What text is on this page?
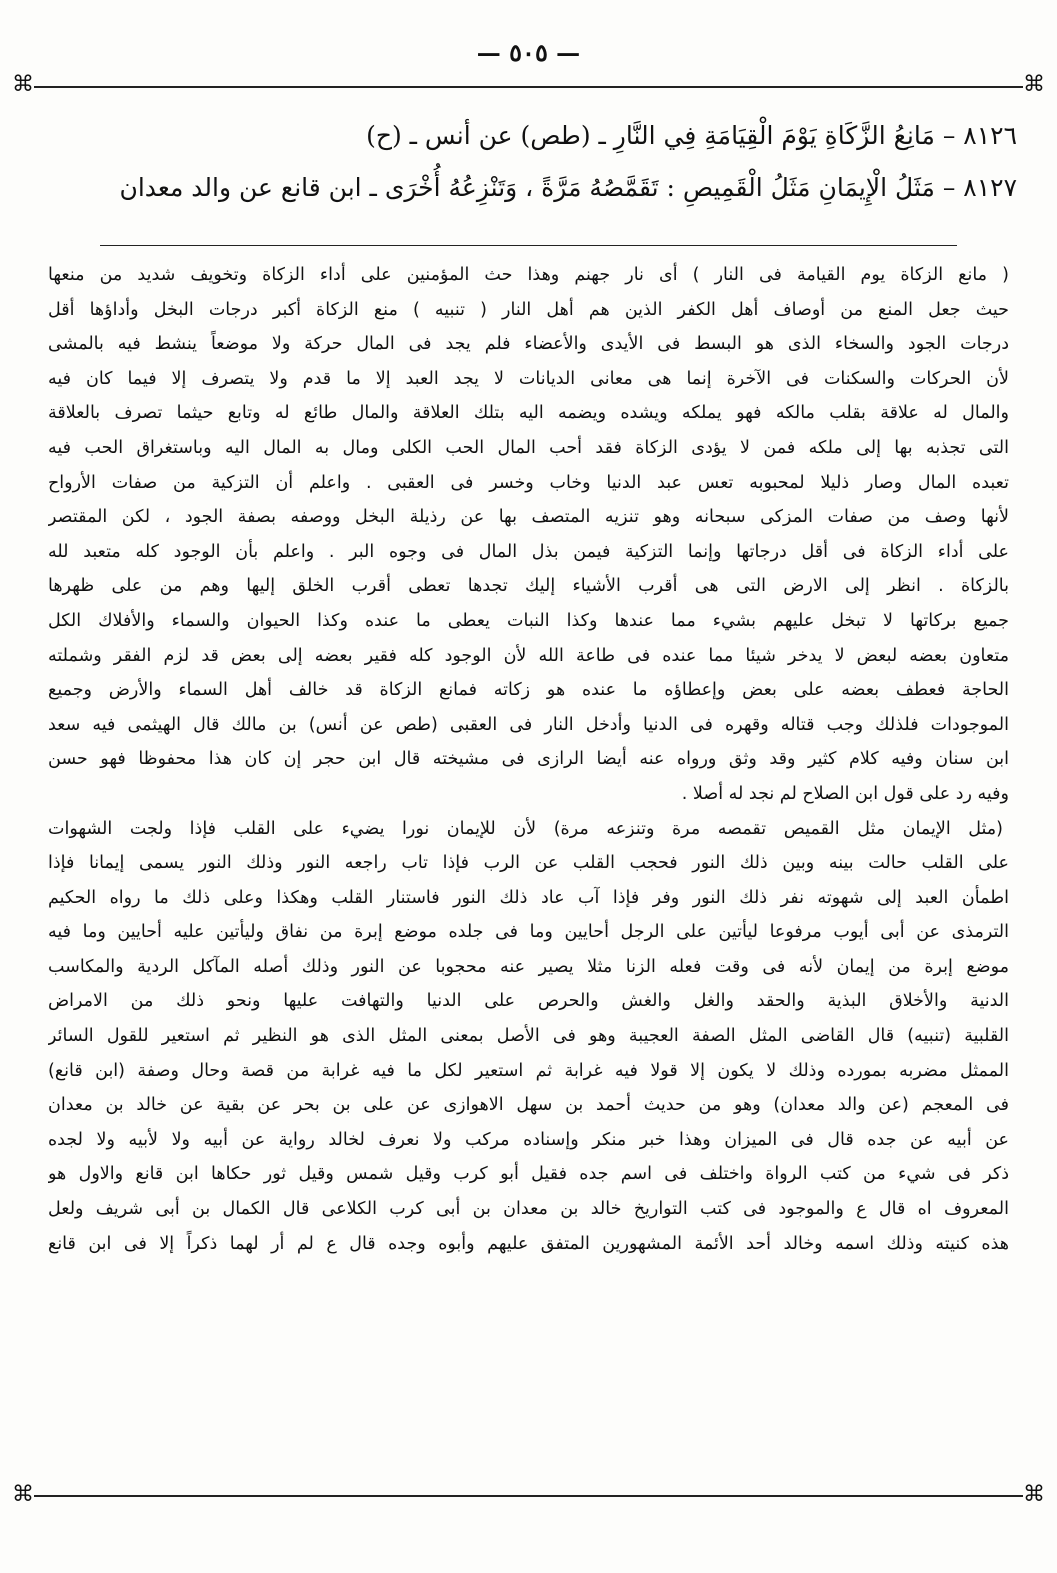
— ٥٠٥ —
⌘	⌘
⌘	⌘
٨١٢٦ – مَانِعُ الزَّكَاةِ يَوْمَ الْقِيَامَةِ فِي النَّارِ ـ (طص) عن أنس ـ (ح)
٨١٢٧ – مَثَلُ الْإِيمَانِ مَثَلُ الْقَمِيصِ : تَقَمَّصُهُ مَرَّةً ، وَتَنْزِعُهُ أُخْرَى ـ ابن قانع عن والد معدان
( مانع الزكاة يوم القيامة فى النار ) أى نار جهنم وهذا حث المؤمنين على أداء الزكاة وتخويف شديد من منعها
حيث جعل المنع من أوصاف أهل الكفر الذين هم أهل النار ( تنبيه ) منع الزكاة أكبر درجات البخل وأداؤها أقل
درجات الجود والسخاء الذى هو البسط فى الأيدى والأعضاء فلم يجد فى المال حركة ولا موضعاً ينشط فيه بالمشى
لأن الحركات والسكنات فى الآخرة إنما هى معانى الديانات لا يجد العبد إلا ما قدم ولا يتصرف إلا فيما كان فيه
والمال له علاقة بقلب مالكه فهو يملكه ويشده ويضمه اليه بتلك العلاقة والمال طائع له وتابع حيثما تصرف بالعلاقة
التى تجذبه بها إلى ملكه فمن لا يؤدى الزكاة فقد أحب المال الحب الكلى ومال به المال اليه وباستغراق الحب فيه
تعبده المال وصار ذليلا لمحبوبه تعس عبد الدنيا وخاب وخسر فى العقبى . واعلم أن التزكية من صفات الأرواح
لأنها وصف من صفات المزكى سبحانه وهو تنزيه المتصف بها عن رذيلة البخل ووصفه بصفة الجود ، لكن المقتصر
على أداء الزكاة فى أقل درجاتها وإنما التزكية فيمن بذل المال فى وجوه البر . واعلم بأن الوجود كله متعبد لله
بالزكاة . انظر إلى الارض التى هى أقرب الأشياء إليك تجدها تعطى أقرب الخلق إليها وهم من على ظهرها
جميع بركاتها لا تبخل عليهم بشيء مما عندها وكذا النبات يعطى ما عنده وكذا الحيوان والسماء والأفلاك الكل
متعاون بعضه لبعض لا يدخر شيئا مما عنده فى طاعة الله لأن الوجود كله فقير بعضه إلى بعض قد لزم الفقر وشملته
الحاجة فعطف بعضه على بعض وإعطاؤه ما عنده هو زكاته فمانع الزكاة قد خالف أهل السماء والأرض وجميع
الموجودات فلذلك وجب قتاله وقهره فى الدنيا وأدخل النار فى العقبى (طص عن أنس) بن مالك قال الهيثمى فيه سعد
ابن سنان وفيه كلام كثير وقد وثق ورواه عنه أيضا الرازى فى مشيخته قال ابن حجر إن كان هذا محفوظا فهو حسن
وفيه رد على قول ابن الصلاح لم نجد له أصلا .
(مثل الإيمان مثل القميص تقمصه مرة وتنزعه مرة) لأن للإيمان نورا يضيء على القلب فإذا ولجت الشهوات
على القلب حالت بينه وبين ذلك النور فحجب القلب عن الرب فإذا تاب راجعه النور وذلك النور يسمى إيمانا فإذا
اطمأن العبد إلى شهوته نفر ذلك النور وفر فإذا آب عاد ذلك النور فاستنار القلب وهكذا وعلى ذلك ما رواه الحكيم
الترمذى عن أبى أيوب مرفوعا ليأتين على الرجل أحايين وما فى جلده موضع إبرة من نفاق وليأتين عليه أحايين وما فيه
موضع إبرة من إيمان لأنه فى وقت فعله الزنا مثلا يصير عنه محجوبا عن النور وذلك أصله المآكل الردية والمكاسب
الدنية والأخلاق البذية والحقد والغل والغش والحرص على الدنيا والتهافت عليها ونحو ذلك من الامراض
القلبية (تنبيه) قال القاضى المثل الصفة العجيبة وهو فى الأصل بمعنى المثل الذى هو النظير ثم استعير للقول السائر
الممثل مضربه بمورده وذلك لا يكون إلا قولا فيه غرابة ثم استعير لكل ما فيه غرابة من قصة وحال وصفة (ابن قانع)
فى المعجم (عن والد معدان) وهو من حديث أحمد بن سهل الاهوازى عن على بن بحر عن بقية عن خالد بن معدان
عن أبيه عن جده قال فى الميزان وهذا خبر منكر وإسناده مركب ولا نعرف لخالد رواية عن أبيه ولا لأبيه ولا لجده
ذكر فى شيء من كتب الرواة واختلف فى اسم جده فقيل أبو كرب وقيل شمس وقيل ثور حكاها ابن قانع والاول هو
المعروف اه قال ع والموجود فى كتب التواريخ خالد بن معدان بن أبى كرب الكلاعى قال الكمال بن أبى شريف ولعل
هذه كنيته وذلك اسمه وخالد أحد الأئمة المشهورين المتفق عليهم وأبوه وجده قال ع لم أر لهما ذكراً إلا فى ابن قانع
